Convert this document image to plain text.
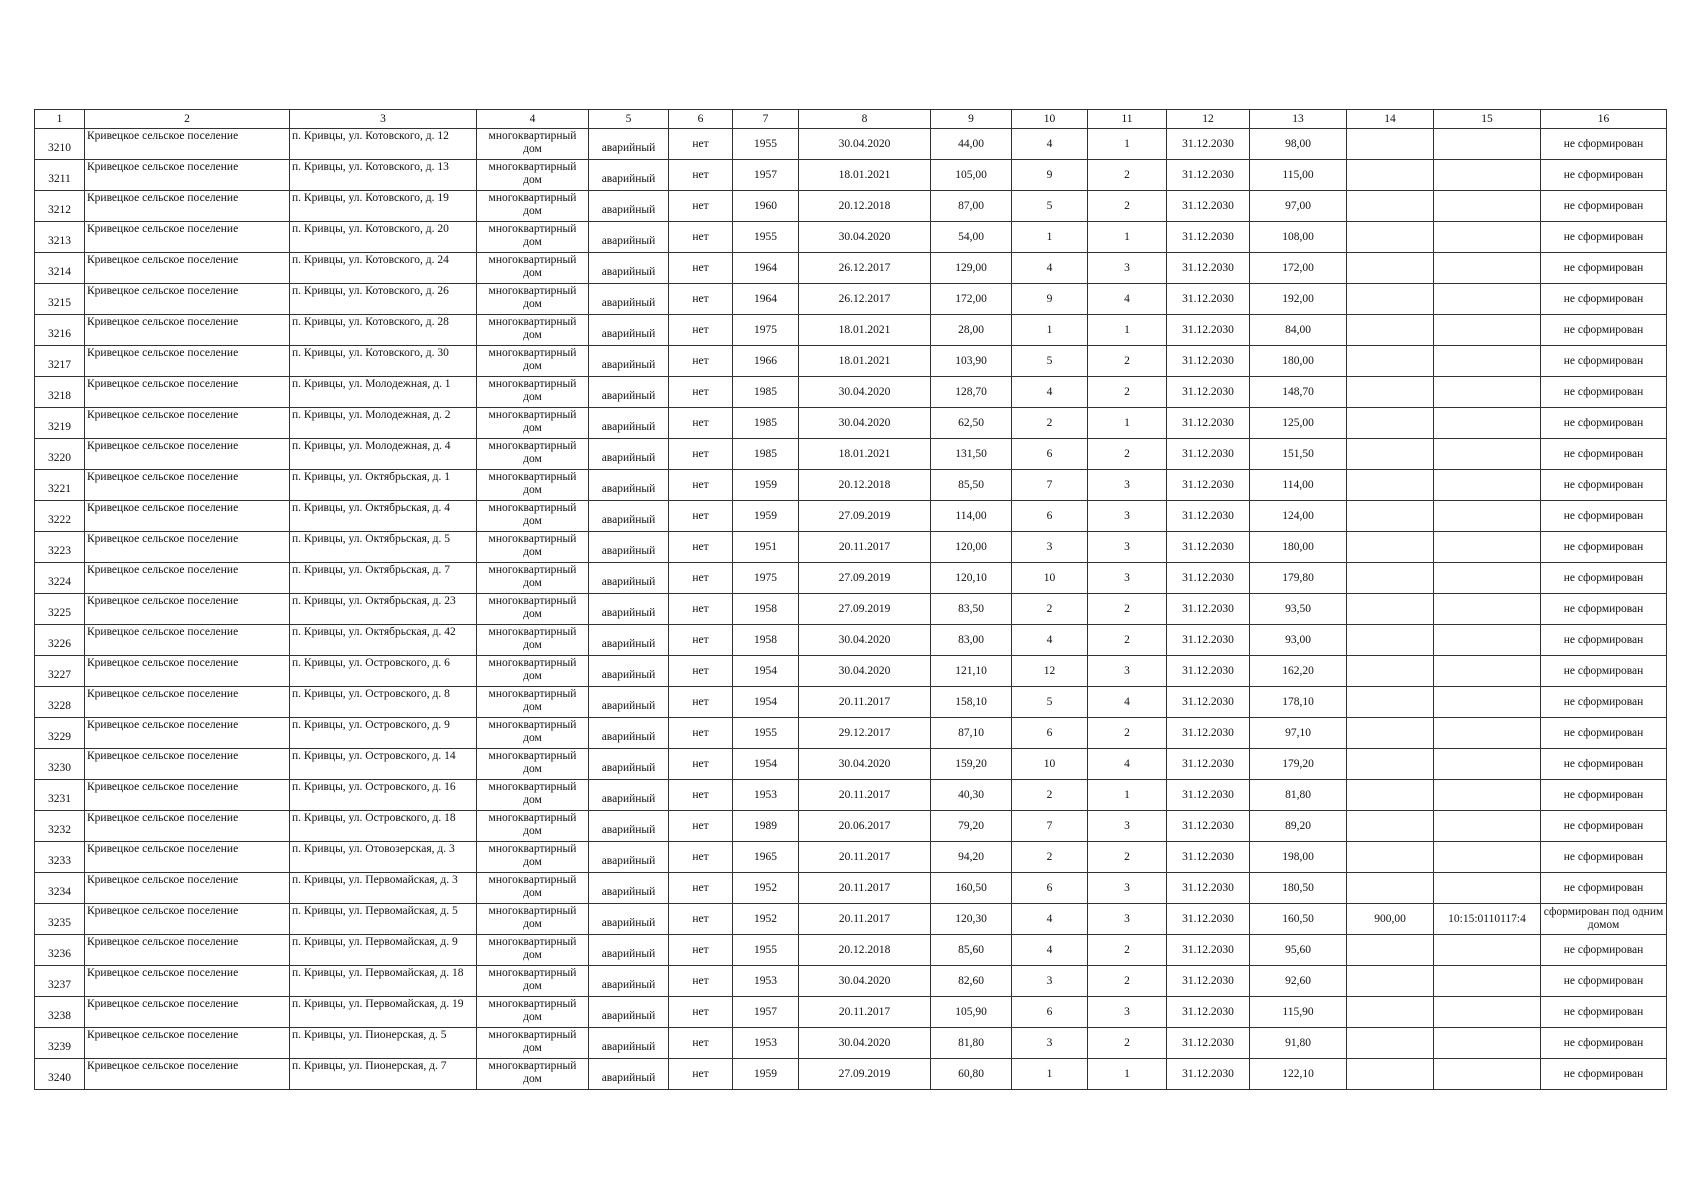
1	2	3	4	5	6	7	8	9	10	11	12	13	14	15	16
3210	Кривецкое сельское поселение	п. Кривцы, ул. Котовского, д. 12	многоквартирный дом	аварийный	нет	1955	30.04.2020	44,00	4	1	31.12.2030	98,00			не сформирован
3211	Кривецкое сельское поселение	п. Кривцы, ул. Котовского, д. 13	многоквартирный дом	аварийный	нет	1957	18.01.2021	105,00	9	2	31.12.2030	115,00			не сформирован
3212	Кривецкое сельское поселение	п. Кривцы, ул. Котовского, д. 19	многоквартирный дом	аварийный	нет	1960	20.12.2018	87,00	5	2	31.12.2030	97,00			не сформирован
3213	Кривецкое сельское поселение	п. Кривцы, ул. Котовского, д. 20	многоквартирный дом	аварийный	нет	1955	30.04.2020	54,00	1	1	31.12.2030	108,00			не сформирован
3214	Кривецкое сельское поселение	п. Кривцы, ул. Котовского, д. 24	многоквартирный дом	аварийный	нет	1964	26.12.2017	129,00	4	3	31.12.2030	172,00			не сформирован
3215	Кривецкое сельское поселение	п. Кривцы, ул. Котовского, д. 26	многоквартирный дом	аварийный	нет	1964	26.12.2017	172,00	9	4	31.12.2030	192,00			не сформирован
3216	Кривецкое сельское поселение	п. Кривцы, ул. Котовского, д. 28	многоквартирный дом	аварийный	нет	1975	18.01.2021	28,00	1	1	31.12.2030	84,00			не сформирован
3217	Кривецкое сельское поселение	п. Кривцы, ул. Котовского, д. 30	многоквартирный дом	аварийный	нет	1966	18.01.2021	103,90	5	2	31.12.2030	180,00			не сформирован
3218	Кривецкое сельское поселение	п. Кривцы, ул. Молодежная, д. 1	многоквартирный дом	аварийный	нет	1985	30.04.2020	128,70	4	2	31.12.2030	148,70			не сформирован
3219	Кривецкое сельское поселение	п. Кривцы, ул. Молодежная, д. 2	многоквартирный дом	аварийный	нет	1985	30.04.2020	62,50	2	1	31.12.2030	125,00			не сформирован
3220	Кривецкое сельское поселение	п. Кривцы, ул. Молодежная, д. 4	многоквартирный дом	аварийный	нет	1985	18.01.2021	131,50	6	2	31.12.2030	151,50			не сформирован
3221	Кривецкое сельское поселение	п. Кривцы, ул. Октябрьская, д. 1	многоквартирный дом	аварийный	нет	1959	20.12.2018	85,50	7	3	31.12.2030	114,00			не сформирован
3222	Кривецкое сельское поселение	п. Кривцы, ул. Октябрьская, д. 4	многоквартирный дом	аварийный	нет	1959	27.09.2019	114,00	6	3	31.12.2030	124,00			не сформирован
3223	Кривецкое сельское поселение	п. Кривцы, ул. Октябрьская, д. 5	многоквартирный дом	аварийный	нет	1951	20.11.2017	120,00	3	3	31.12.2030	180,00			не сформирован
3224	Кривецкое сельское поселение	п. Кривцы, ул. Октябрьская, д. 7	многоквартирный дом	аварийный	нет	1975	27.09.2019	120,10	10	3	31.12.2030	179,80			не сформирован
3225	Кривецкое сельское поселение	п. Кривцы, ул. Октябрьская, д. 23	многоквартирный дом	аварийный	нет	1958	27.09.2019	83,50	2	2	31.12.2030	93,50			не сформирован
3226	Кривецкое сельское поселение	п. Кривцы, ул. Октябрьская, д. 42	многоквартирный дом	аварийный	нет	1958	30.04.2020	83,00	4	2	31.12.2030	93,00			не сформирован
3227	Кривецкое сельское поселение	п. Кривцы, ул. Островского, д. 6	многоквартирный дом	аварийный	нет	1954	30.04.2020	121,10	12	3	31.12.2030	162,20			не сформирован
3228	Кривецкое сельское поселение	п. Кривцы, ул. Островского, д. 8	многоквартирный дом	аварийный	нет	1954	20.11.2017	158,10	5	4	31.12.2030	178,10			не сформирован
3229	Кривецкое сельское поселение	п. Кривцы, ул. Островского, д. 9	многоквартирный дом	аварийный	нет	1955	29.12.2017	87,10	6	2	31.12.2030	97,10			не сформирован
3230	Кривецкое сельское поселение	п. Кривцы, ул. Островского, д. 14	многоквартирный дом	аварийный	нет	1954	30.04.2020	159,20	10	4	31.12.2030	179,20			не сформирован
3231	Кривецкое сельское поселение	п. Кривцы, ул. Островского, д. 16	многоквартирный дом	аварийный	нет	1953	20.11.2017	40,30	2	1	31.12.2030	81,80			не сформирован
3232	Кривецкое сельское поселение	п. Кривцы, ул. Островского, д. 18	многоквартирный дом	аварийный	нет	1989	20.06.2017	79,20	7	3	31.12.2030	89,20			не сформирован
3233	Кривецкое сельское поселение	п. Кривцы, ул. Отовозерская, д. 3	многоквартирный дом	аварийный	нет	1965	20.11.2017	94,20	2	2	31.12.2030	198,00			не сформирован
3234	Кривецкое сельское поселение	п. Кривцы, ул. Первомайская, д. 3	многоквартирный дом	аварийный	нет	1952	20.11.2017	160,50	6	3	31.12.2030	180,50			не сформирован
3235	Кривецкое сельское поселение	п. Кривцы, ул. Первомайская, д. 5	многоквартирный дом	аварийный	нет	1952	20.11.2017	120,30	4	3	31.12.2030	160,50	900,00	10:15:0110117:4	сформирован под одним домом
3236	Кривецкое сельское поселение	п. Кривцы, ул. Первомайская, д. 9	многоквартирный дом	аварийный	нет	1955	20.12.2018	85,60	4	2	31.12.2030	95,60			не сформирован
3237	Кривецкое сельское поселение	п. Кривцы, ул. Первомайская, д. 18	многоквартирный дом	аварийный	нет	1953	30.04.2020	82,60	3	2	31.12.2030	92,60			не сформирован
3238	Кривецкое сельское поселение	п. Кривцы, ул. Первомайская, д. 19	многоквартирный дом	аварийный	нет	1957	20.11.2017	105,90	6	3	31.12.2030	115,90			не сформирован
3239	Кривецкое сельское поселение	п. Кривцы, ул. Пионерская, д. 5	многоквартирный дом	аварийный	нет	1953	30.04.2020	81,80	3	2	31.12.2030	91,80			не сформирован
3240	Кривецкое сельское поселение	п. Кривцы, ул. Пионерская, д. 7	многоквартирный дом	аварийный	нет	1959	27.09.2019	60,80	1	1	31.12.2030	122,10			не сформирован
